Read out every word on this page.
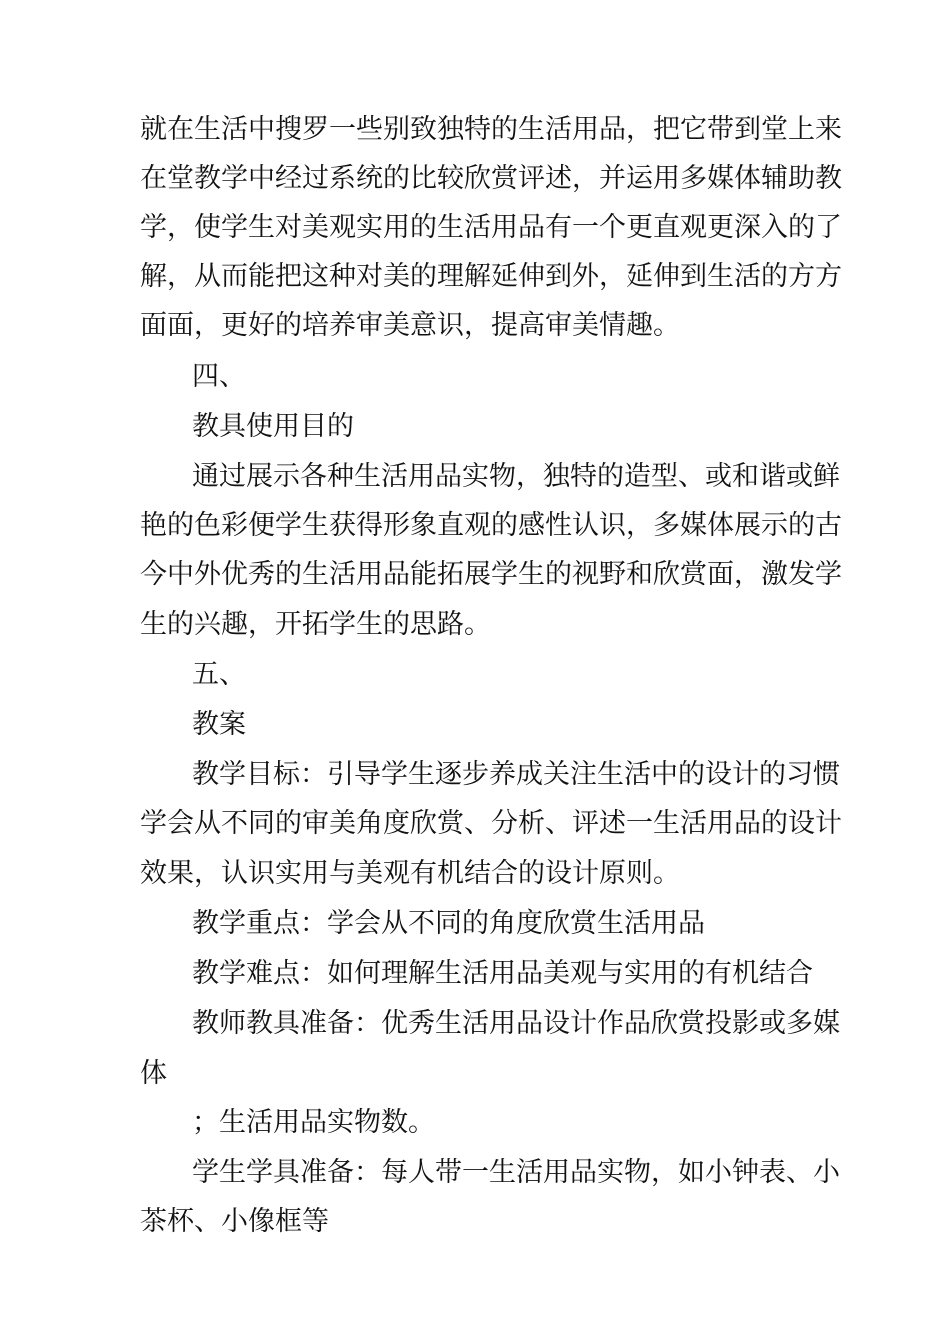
就在生活中搜罗一些别致独特的生活用品，把它带到堂上来

在堂教学中经过系统的比较欣赏评述，并运用多媒体辅助教

学，使学生对美观实用的生活用品有一个更直观更深入的了

解，从而能把这种对美的理解延伸到外，延伸到生活的方方

面面，更好的培养审美意识，提高审美情趣。

四、

教具使用目的

通过展示各种生活用品实物，独特的造型、或和谐或鲜

艳的色彩便学生获得形象直观的感性认识，多媒体展示的古

今中外优秀的生活用品能拓展学生的视野和欣赏面，激发学

生的兴趣，开拓学生的思路。

五、

教案

教学目标：引导学生逐步养成关注生活中的设计的习惯

学会从不同的审美角度欣赏、分析、评述一生活用品的设计

效果，认识实用与美观有机结合的设计原则。

教学重点：学会从不同的角度欣赏生活用品

教学难点：如何理解生活用品美观与实用的有机结合

教师教具准备：优秀生活用品设计作品欣赏投影或多媒

体

；生活用品实物数。

学生学具准备：每人带一生活用品实物，如小钟表、小

茶杯、小像框等
